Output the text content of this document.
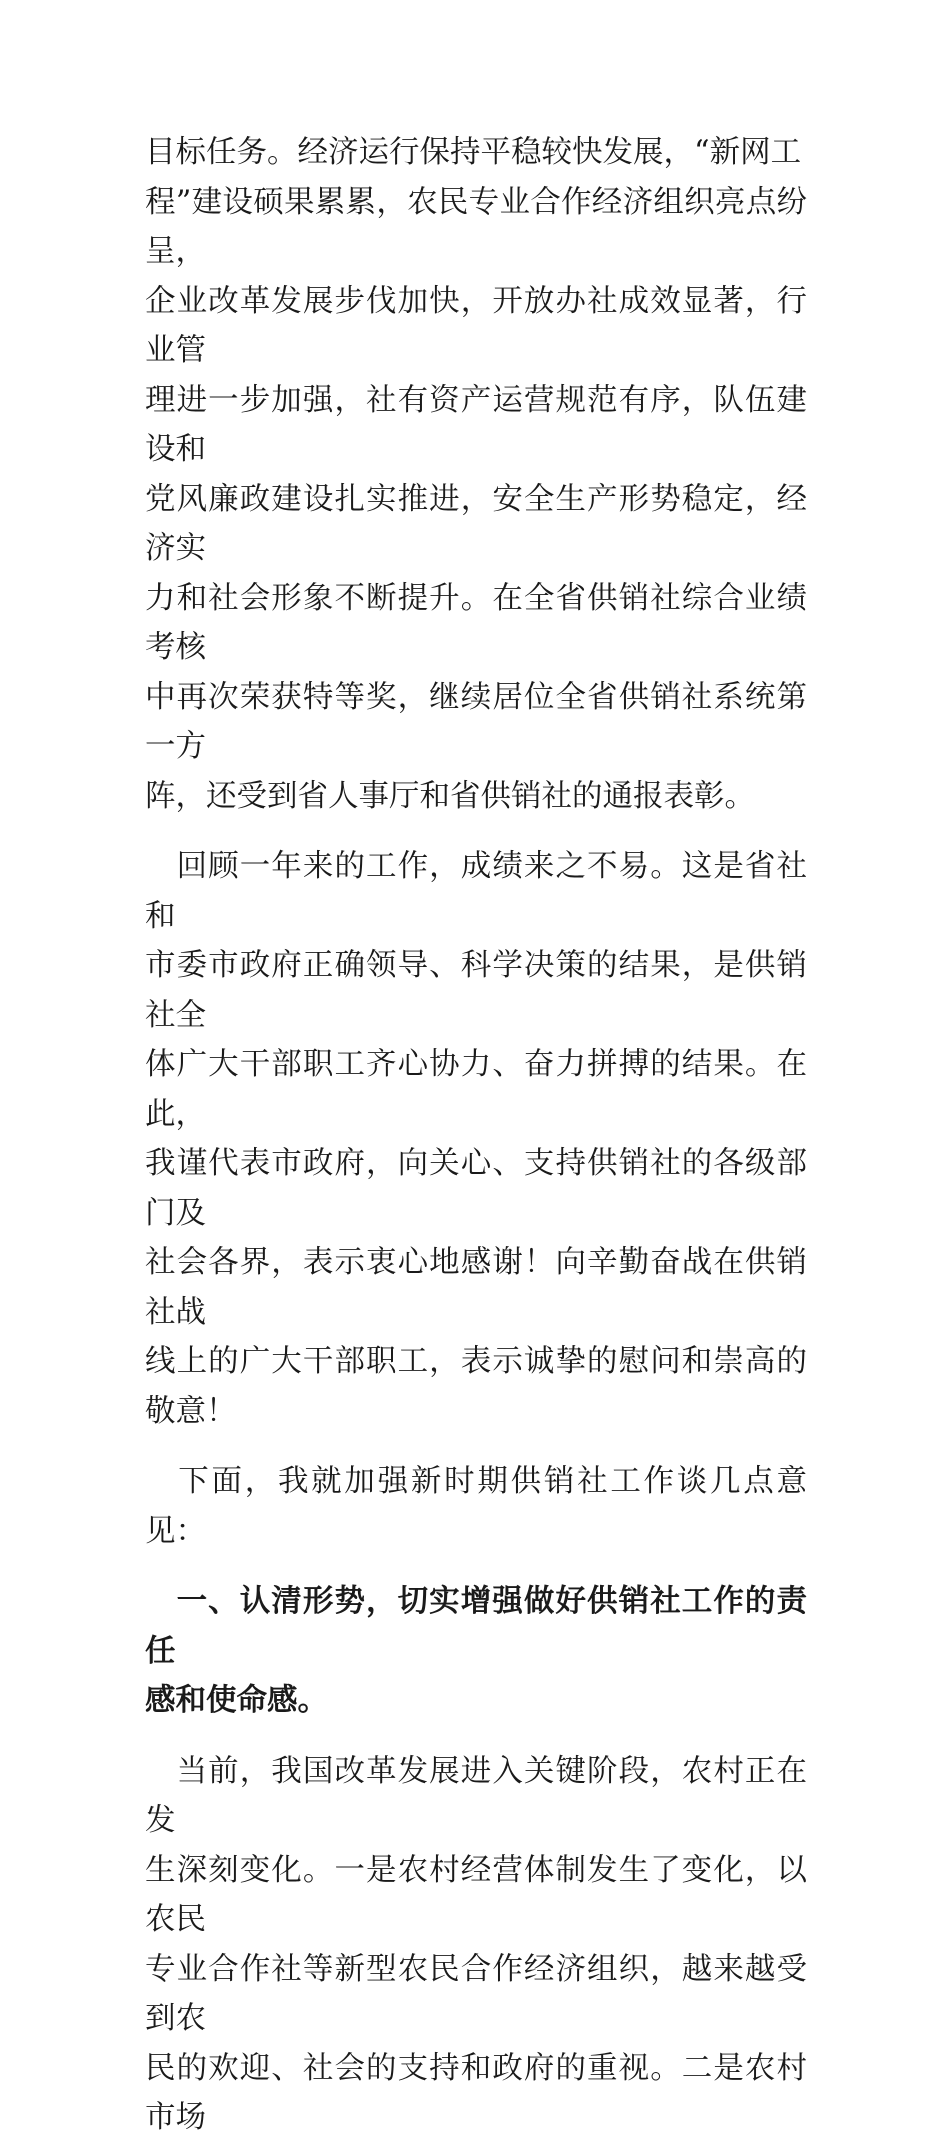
目标任务。经济运行保持平稳较快发展，“新网工
程”建设硕果累累，农民专业合作经济组织亮点纷呈，
企业改革发展步伐加快，开放办社成效显著，行业管
理进一步加强，社有资产运营规范有序，队伍建设和
党风廉政建设扎实推进，安全生产形势稳定，经济实
力和社会形象不断提升。在全省供销社综合业绩考核
中再次荣获特等奖，继续居位全省供销社系统第一方
阵，还受到省人事厅和省供销社的通报表彰。

　回顾一年来的工作，成绩来之不易。这是省社和
市委市政府正确领导、科学决策的结果，是供销社全
体广大干部职工齐心协力、奋力拼搏的结果。在此，
我谨代表市政府，向关心、支持供销社的各级部门及
社会各界，表示衷心地感谢！向辛勤奋战在供销社战
线上的广大干部职工，表示诚挚的慰问和崇高的敬意！

　下面，我就加强新时期供销社工作谈几点意见：

　一、认清形势，切实增强做好供销社工作的责任
感和使命感。

　当前，我国改革发展进入关键阶段，农村正在发
生深刻变化。一是农村经营体制发生了变化，以农民
专业合作社等新型农民合作经济组织，越来越受到农
民的欢迎、社会的支持和政府的重视。二是农村市场
